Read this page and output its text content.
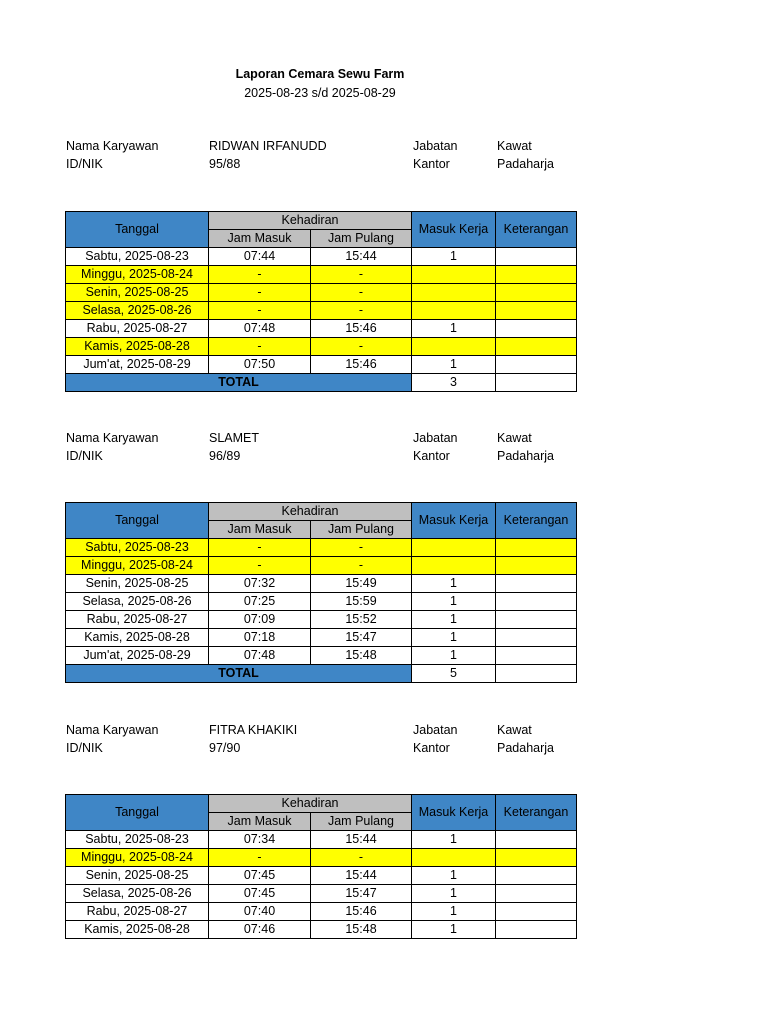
Laporan Cemara Sewu Farm
2025-08-23 s/d 2025-08-29
Nama Karyawan	RIDWAN IRFANUDD	Jabatan	Kawat
ID/NIK	95/88	Kantor	Padaharja
Tanggal	Kehadiran		Masuk Kerja	Keterangan
	Jam Masuk	Jam Pulang		
Sabtu, 2025-08-23	07:44	15:44	1	
Minggu, 2025-08-24	-	-		
Senin, 2025-08-25	-	-		
Selasa, 2025-08-26	-	-		
Rabu, 2025-08-27	07:48	15:46	1	
Kamis, 2025-08-28	-	-		
Jum'at, 2025-08-29	07:50	15:46	1	
TOTAL			3	
Nama Karyawan	SLAMET	Jabatan	Kawat
ID/NIK	96/89	Kantor	Padaharja
Tanggal	Kehadiran		Masuk Kerja	Keterangan
	Jam Masuk	Jam Pulang		
Sabtu, 2025-08-23	-	-		
Minggu, 2025-08-24	-	-		
Senin, 2025-08-25	07:32	15:49	1	
Selasa, 2025-08-26	07:25	15:59	1	
Rabu, 2025-08-27	07:09	15:52	1	
Kamis, 2025-08-28	07:18	15:47	1	
Jum'at, 2025-08-29	07:48	15:48	1	
TOTAL			5	
Nama Karyawan	FITRA KHAKIKI	Jabatan	Kawat
ID/NIK	97/90	Kantor	Padaharja
Tanggal	Kehadiran		Masuk Kerja	Keterangan
	Jam Masuk	Jam Pulang		
Sabtu, 2025-08-23	07:34	15:44	1	
Minggu, 2025-08-24	-	-		
Senin, 2025-08-25	07:45	15:44	1	
Selasa, 2025-08-26	07:45	15:47	1	
Rabu, 2025-08-27	07:40	15:46	1	
Kamis, 2025-08-28	07:46	15:48	1	
